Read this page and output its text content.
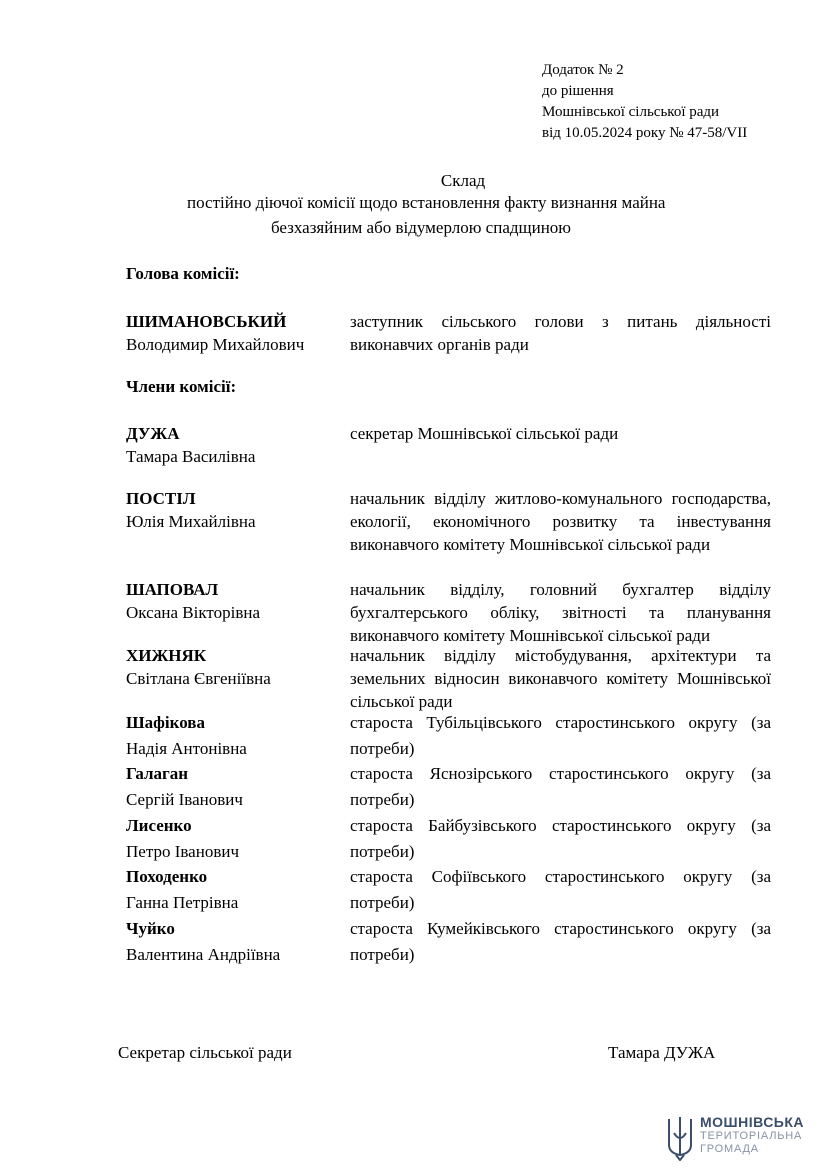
Додаток № 2
до рішення
Мошнівської сільської ради
від 10.05.2024 року № 47-58/VII
Склад
постійно діючої комісії щодо встановлення факту визнання майна
безхазяйним або відумерлою спадщиною
Голова комісії:
ШИМАНОВСЬКИЙ
Володимир Михайлович
заступник сільського голови з питань діяльності виконавчих органів ради
Члени комісії:
ДУЖА
Тамара Василівна
секретар Мошнівської сільської ради
ПОСТІЛ
Юлія Михайлівна
начальник відділу житлово-комунального господарства, екології, економічного розвитку та інвестування виконавчого комітету Мошнівської сільської ради
ШАПОВАЛ
Оксана Вікторівна
начальник відділу, головний бухгалтер відділу бухгалтерського обліку, звітності та планування виконавчого комітету Мошнівської сільської ради
ХИЖНЯК
Світлана Євгеніївна
начальник відділу містобудування, архітектури та земельних відносин виконавчого комітету Мошнівської сільської ради
Шафікова
Надія Антонівна
староста Тубільцівського старостинського округу (за потреби)
Галаган
Сергій Іванович
староста Яснозірського старостинського округу (за потреби)
Лисенко
Петро Іванович
староста Байбузівського старостинського округу (за потреби)
Походенко
Ганна Петрівна
староста Софіївського старостинського округу (за потреби)
Чуйко
Валентина Андріївна
староста Кумейківського старостинського округу (за потреби)
Секретар сільської ради	Тамара ДУЖА
МОШНІВСЬКА
ТЕРИТОРІАЛЬНА
ГРОМАДА
